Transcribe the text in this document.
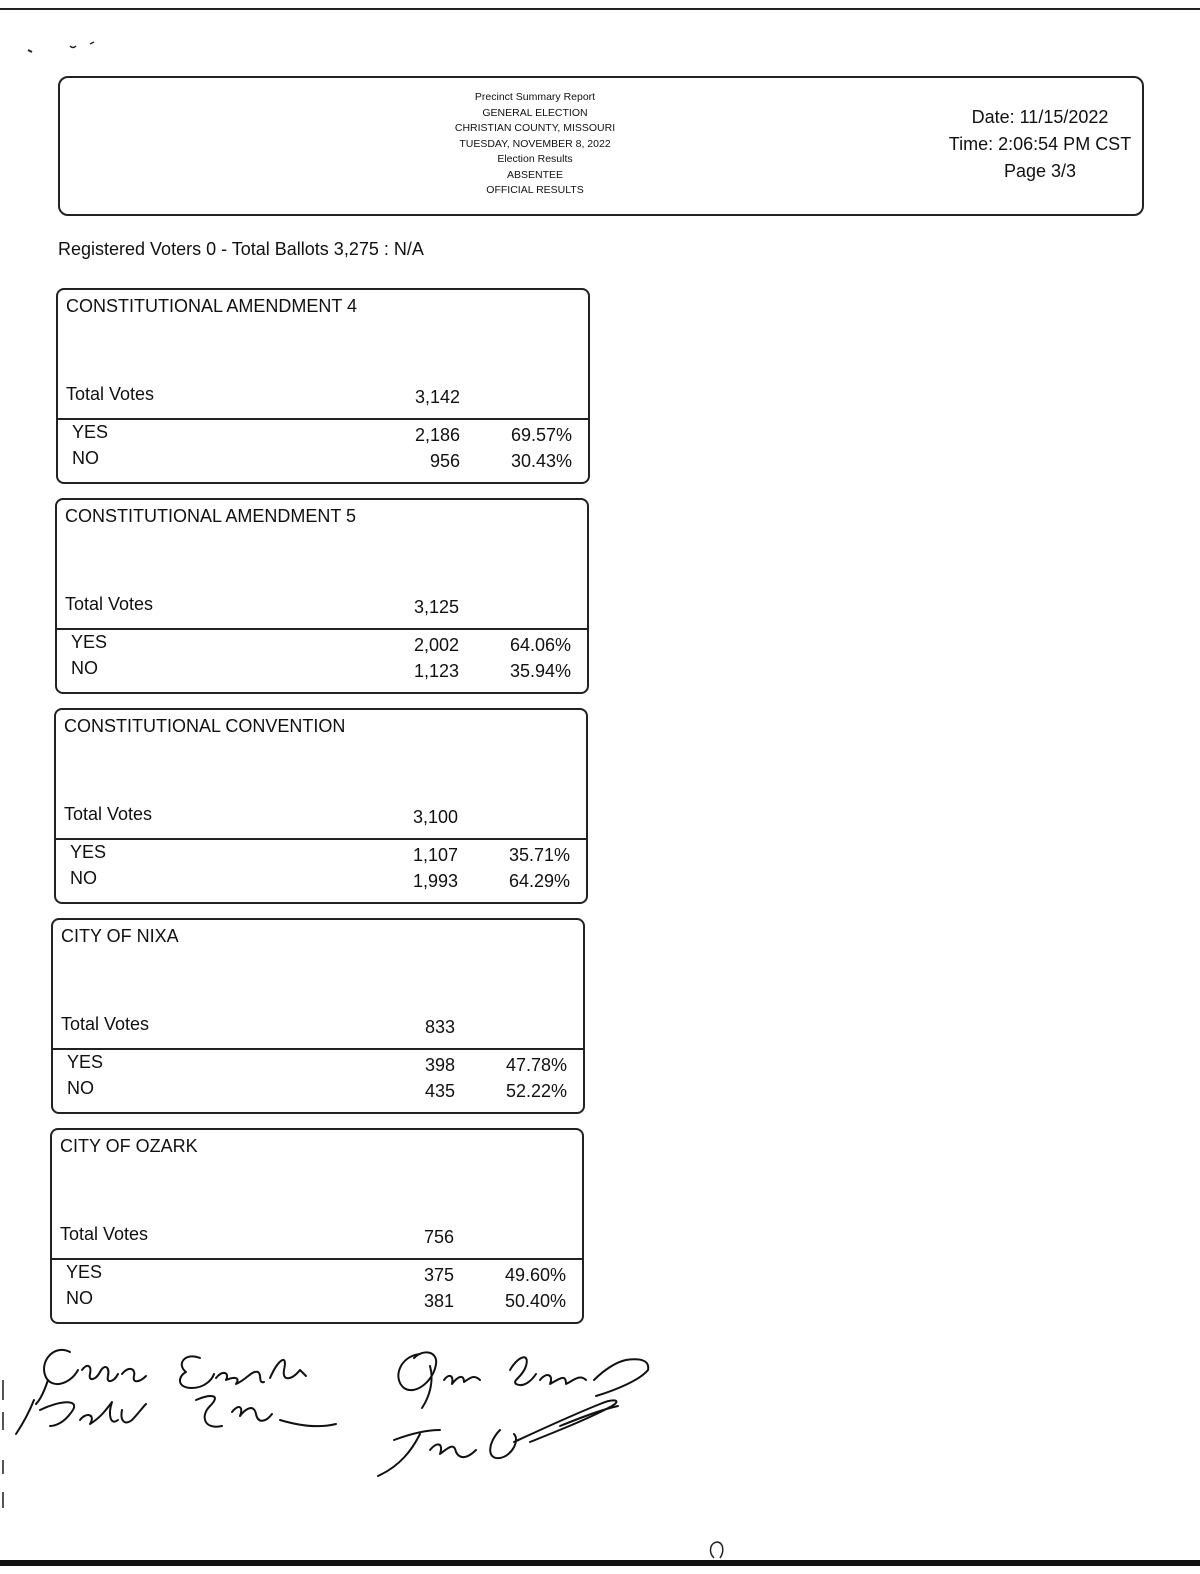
Precinct Summary Report
GENERAL ELECTION
CHRISTIAN COUNTY, MISSOURI
TUESDAY, NOVEMBER 8, 2022
Election Results
ABSENTEE
OFFICIAL RESULTS
Date: 11/15/2022
Time: 2:06:54 PM CST
Page 3/3
Registered Voters 0 - Total Ballots 3,275 : N/A
CONSTITUTIONAL AMENDMENT 4
Total Votes	3,142
YES	2,186	69.57%
NO	956	30.43%
CONSTITUTIONAL AMENDMENT 5
Total Votes	3,125
YES	2,002	64.06%
NO	1,123	35.94%
CONSTITUTIONAL CONVENTION
Total Votes	3,100
YES	1,107	35.71%
NO	1,993	64.29%
CITY OF NIXA
Total Votes	833
YES	398	47.78%
NO	435	52.22%
CITY OF OZARK
Total Votes	756
YES	375	49.60%
NO	381	50.40%
